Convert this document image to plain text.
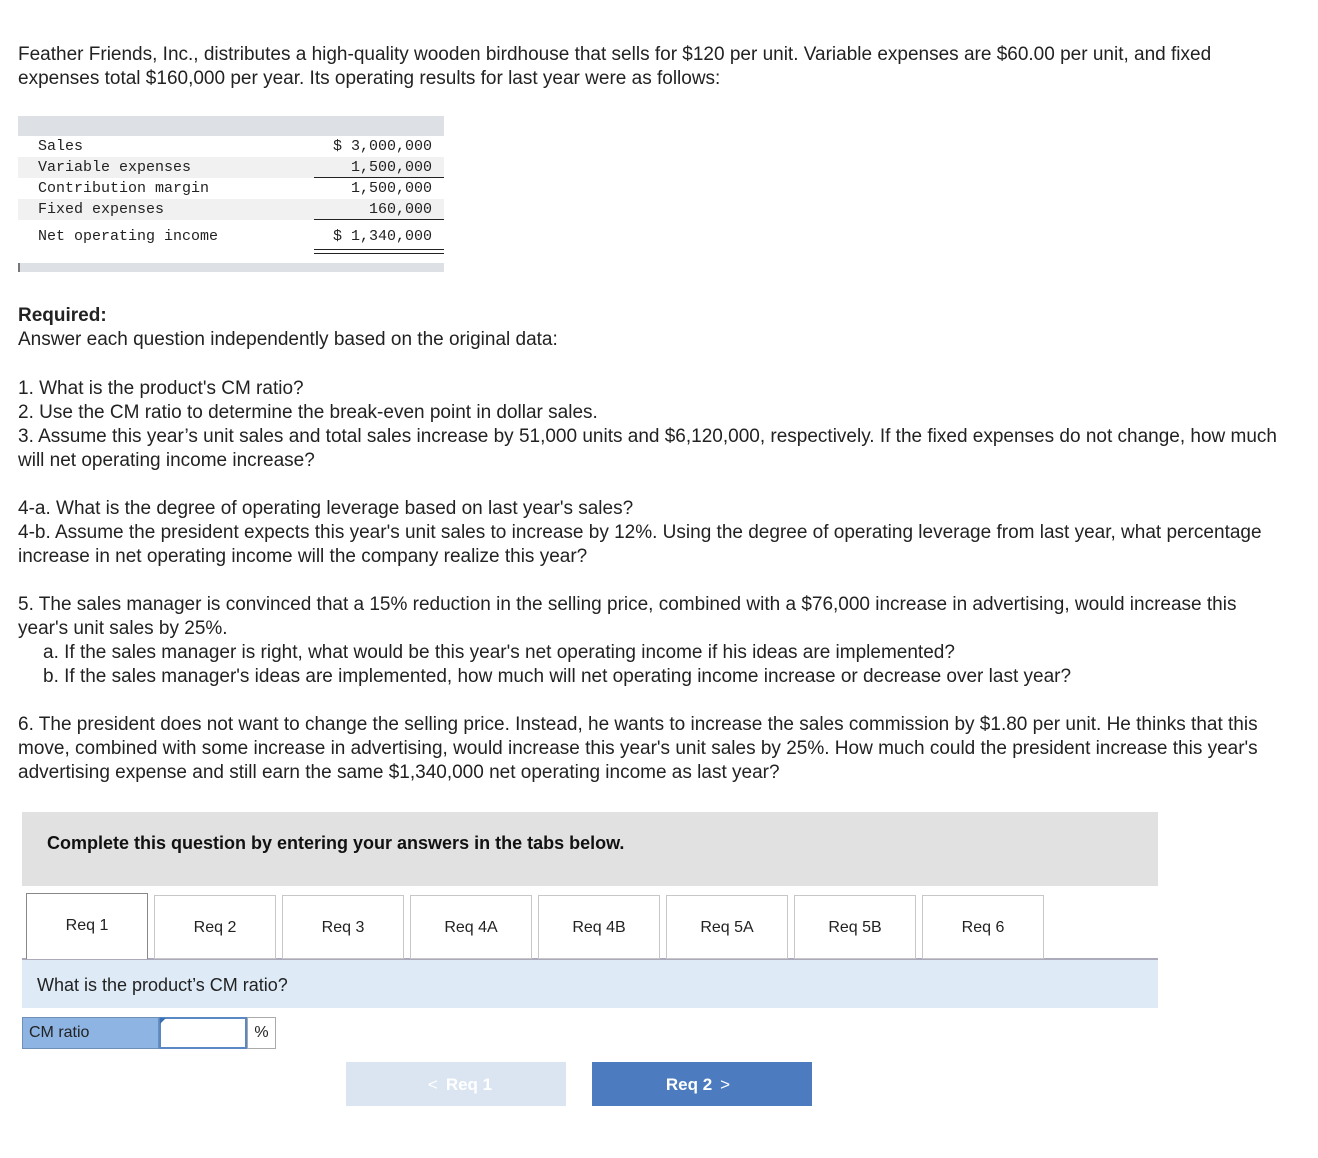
Feather Friends, Inc., distributes a high-quality wooden birdhouse that sells for $120 per unit. Variable expenses are $60.00 per unit, and fixed expenses total $160,000 per year. Its operating results for last year were as follows:
Sales	$ 3,000,000
Variable expenses	1,500,000
Contribution margin	1,500,000
Fixed expenses	160,000
Net operating income	$ 1,340,000
Required:
Answer each question independently based on the original data:
1. What is the product's CM ratio?
2. Use the CM ratio to determine the break-even point in dollar sales.
3. Assume this year’s unit sales and total sales increase by 51,000 units and $6,120,000, respectively. If the fixed expenses do not change, how much will net operating income increase?
4-a. What is the degree of operating leverage based on last year's sales?
4-b. Assume the president expects this year's unit sales to increase by 12%. Using the degree of operating leverage from last year, what percentage increase in net operating income will the company realize this year?
5. The sales manager is convinced that a 15% reduction in the selling price, combined with a $76,000 increase in advertising, would increase this year's unit sales by 25%.
a. If the sales manager is right, what would be this year's net operating income if his ideas are implemented?
b. If the sales manager's ideas are implemented, how much will net operating income increase or decrease over last year?
6. The president does not want to change the selling price. Instead, he wants to increase the sales commission by $1.80 per unit. He thinks that this move, combined with some increase in advertising, would increase this year's unit sales by 25%. How much could the president increase this year's advertising expense and still earn the same $1,340,000 net operating income as last year?
Complete this question by entering your answers in the tabs below.
Req 1	Req 2	Req 3	Req 4A	Req 4B	Req 5A	Req 5B	Req 6
What is the product’s CM ratio?
CM ratio	%
< Req 1	Req 2 >
